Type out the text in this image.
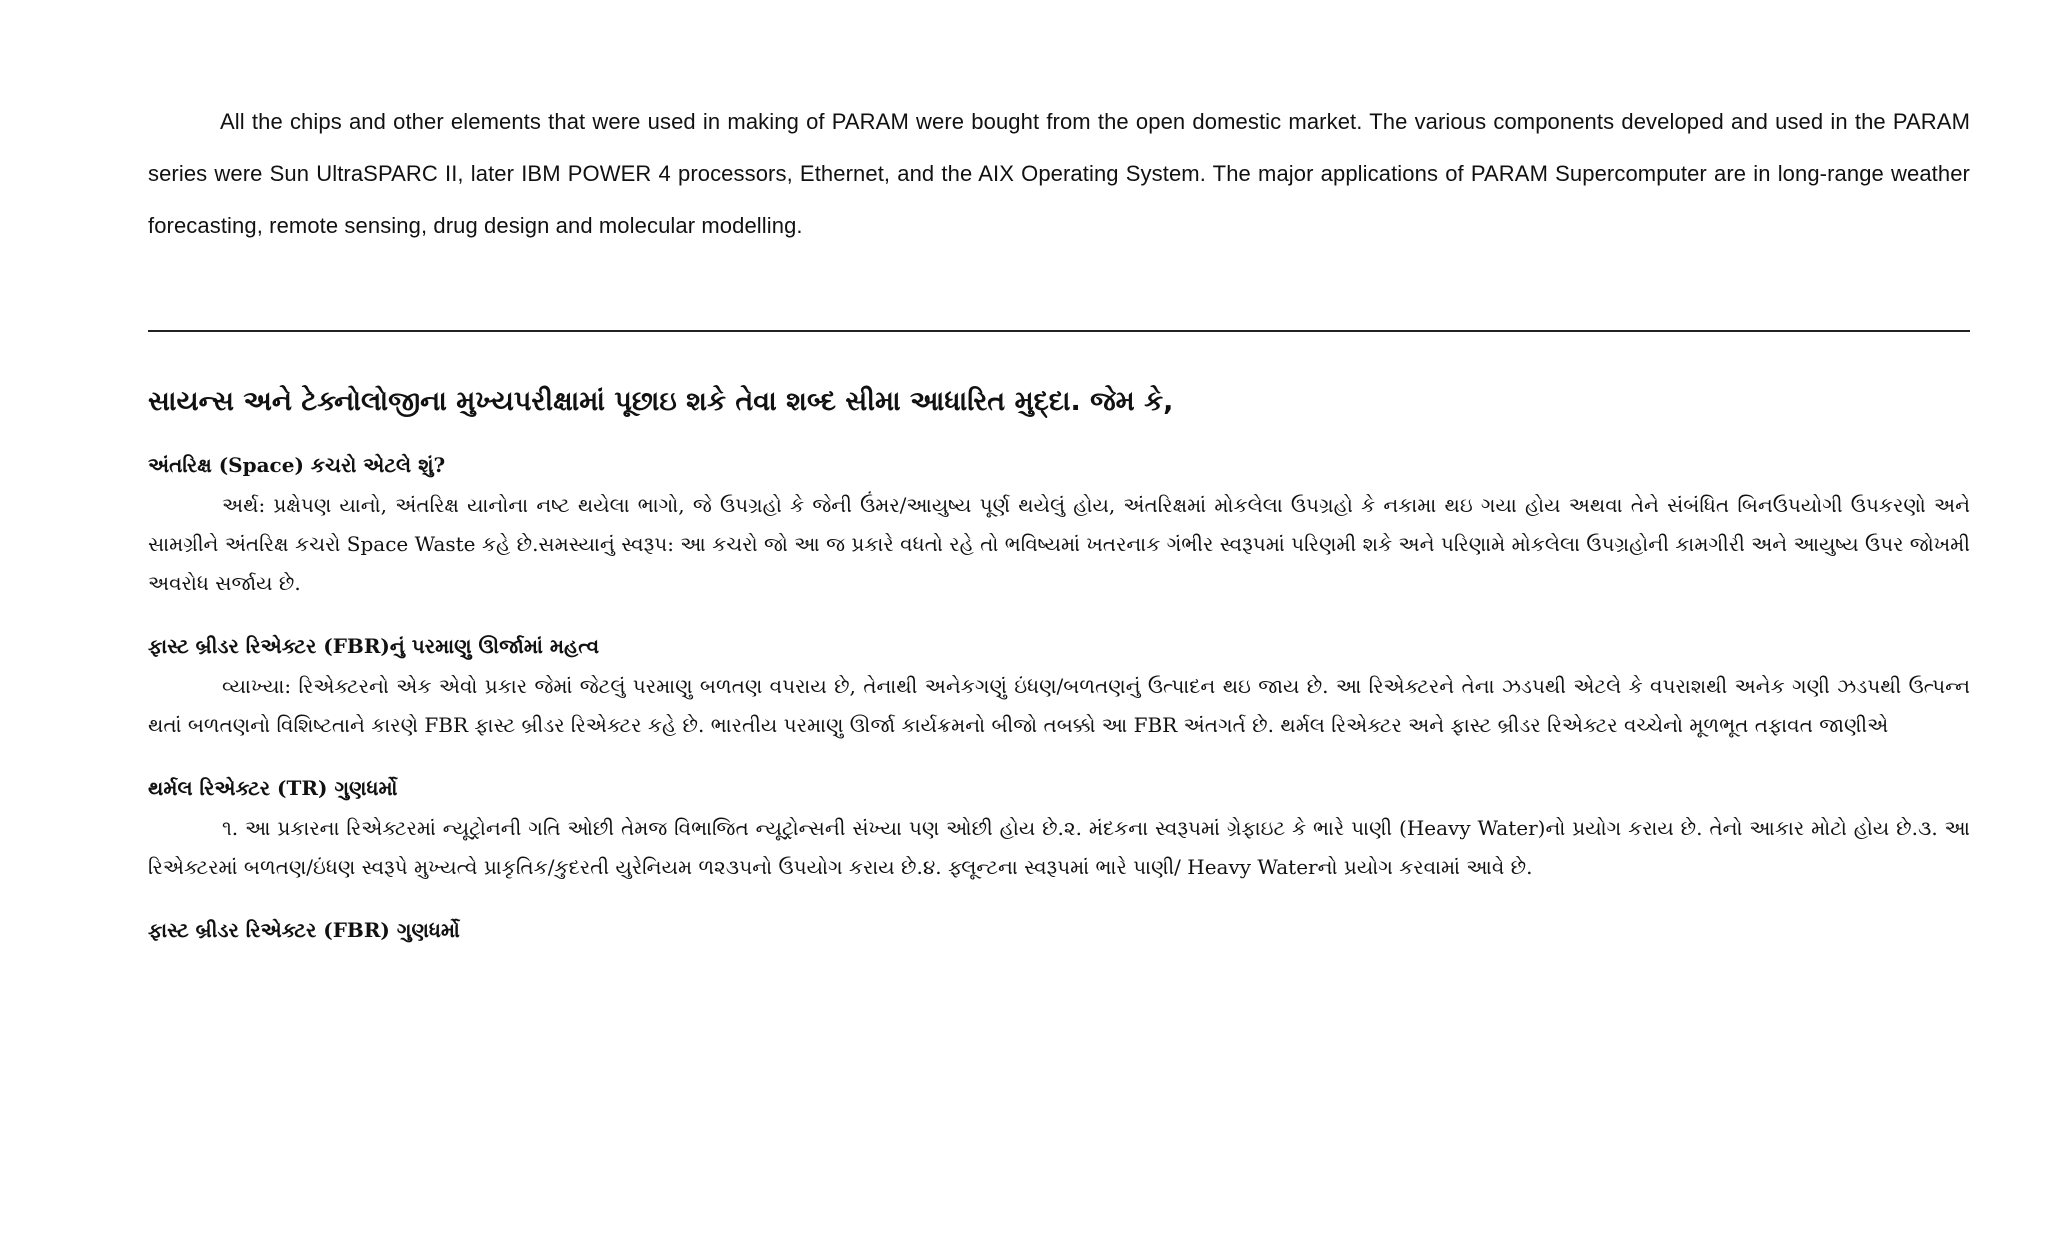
All the chips and other elements that were used in making of PARAM were bought from the open domestic market. The various components developed and used in the PARAM series were Sun UltraSPARC II, later IBM POWER 4 processors, Ethernet, and the AIX Operating System. The major applications of PARAM Supercomputer are in long-range weather forecasting, remote sensing, drug design and molecular modelling.

સાયન્સ અને ટેક્નોલોજીના મુખ્યપરીક્ષામાં પૂછાઇ શકે તેવા શબ્દ સીમા આધારિત મુદ્દા. જેમ કે,
અંતરિક્ષ (Space) કચરો એટલે શું?

અર્થ: પ્રક્ષેપણ યાનો, અંતરિક્ષ યાનોના નષ્ટ થયેલા ભાગો, જે ઉપગ્રહો કે જેની ઉંમર/આયુષ્ય પૂર્ણ થયેલું હોય, અંતરિક્ષમાં મોકલેલા ઉપગ્રહો કે નકામા થઇ ગયા હોય અથવા તેને સંબંધિત બિનઉપયોગી ઉપકરણો અને સામગ્રીને અંતરિક્ષ કચરો Space Waste કહે છે.સમસ્યાનું સ્વરૂપ: આ કચરો જો આ જ પ્રકારે વધતો રહે તો ભવિષ્યમાં ખતરનાક ગંભીર સ્વરૂપમાં પરિણમી શકે અને પરિણામે મોકલેલા ઉપગ્રહોની કામગીરી અને આયુષ્ય ઉપર જોખમી અવરોધ સર્જાય છે.

ફાસ્ટ બ્રીડર રિએક્ટર (FBR)નું પરમાણુ ઊર્જામાં મહત્વ

વ્યાખ્યા: રિએક્ટરનો એક એવો પ્રકાર જેમાં જેટલું પરમાણુ બળતણ વપરાય છે, તેનાથી અનેકગણું ઇંધણ/બળતણનું ઉત્પાદન થઇ જાય છે. આ રિએક્ટરને તેના ઝડપથી એટલે કે વપરાશથી અનેક ગણી ઝડપથી ઉત્પન્ન થતાં બળતણનો વિશિષ્ટતાને કારણે FBR ફાસ્ટ બ્રીડર રિએક્ટર કહે છે. ભારતીય પરમાણુ ઊર્જા કાર્યક્રમનો બીજો તબક્કો આ FBR અંતગર્ત છે. થર્મલ રિએક્ટર અને ફાસ્ટ બ્રીડર રિએક્ટર વચ્ચેનો મૂળભૂત તફાવત જાણીએ

થર્મલ રિએક્ટર (TR) ગુણધર્મો

૧. આ પ્રકારના રિએક્ટરમાં ન્યૂટ્રોનની ગતિ ઓછી તેમજ વિભાજિત ન્યૂટ્રોન્સની સંખ્યા પણ ઓછી હોય છે.૨. મંદકના સ્વરૂપમાં ગ્રેફાઇટ કે ભારે પાણી (Heavy Water)નો પ્રયોગ કરાય છે. તેનો આકાર મોટો હોય છે.૩. આ રિએક્ટરમાં બળતણ/ઇંધણ સ્વરૂપે મુખ્યત્વે પ્રાકૃતિક/કુદરતી યુરેનિયમ ળ૨૩૫નો ઉપયોગ કરાય છે.૪. ફ્લૂન્ટના સ્વરૂપમાં ભારે પાણી/ Heavy Waterનો પ્રયોગ કરવામાં આવે છે.

ફાસ્ટ બ્રીડર રિએક્ટર (FBR) ગુણધર્મો
